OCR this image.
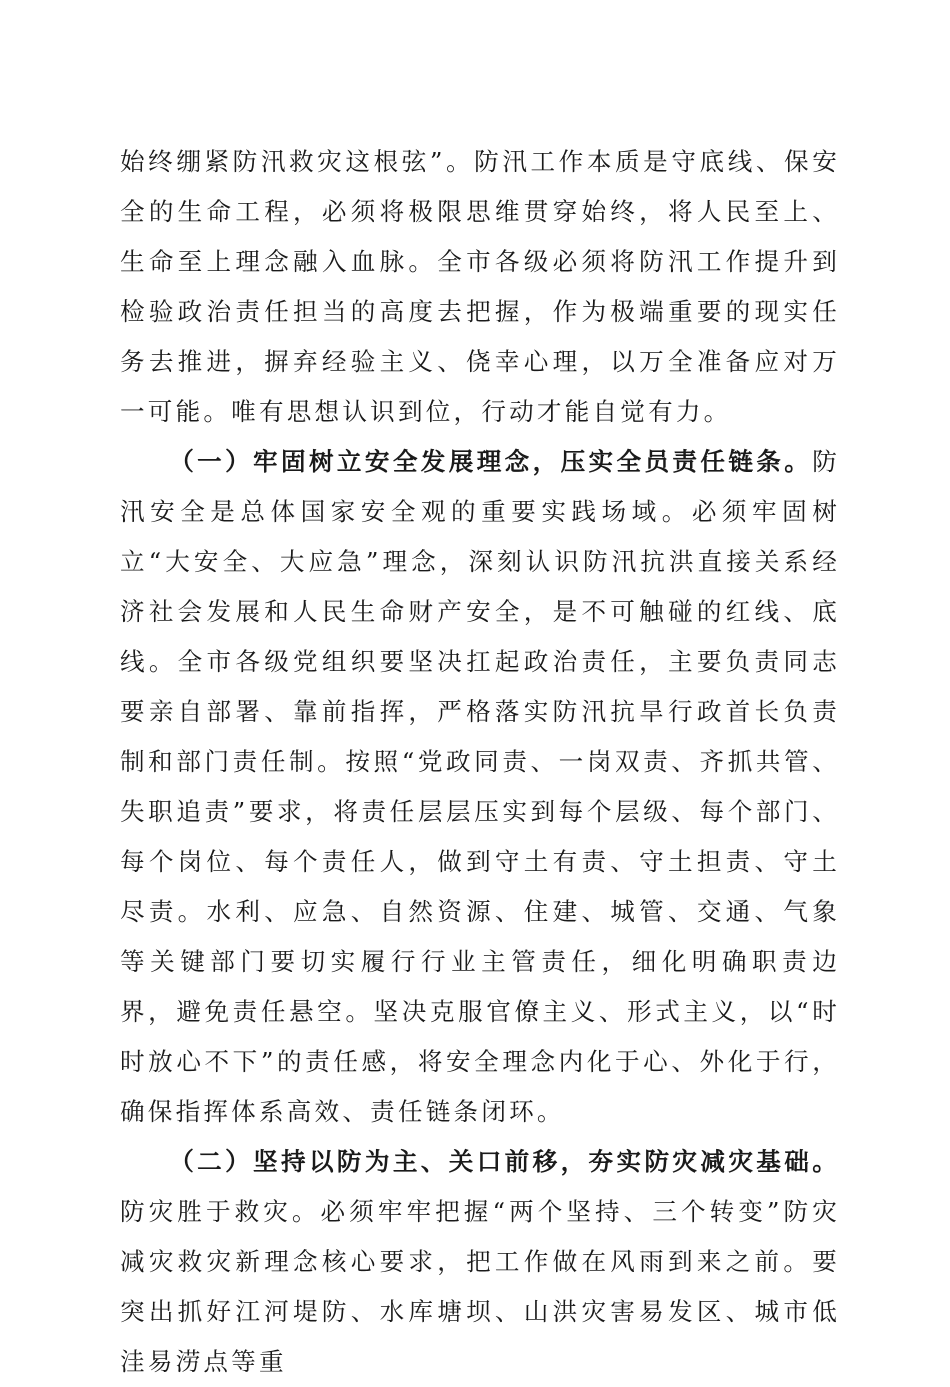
始终绷紧防汛救灾这根弦”。防汛工作本质是守底线、保安全的生命工程，必须将极限思维贯穿始终，将人民至上、生命至上理念融入血脉。全市各级必须将防汛工作提升到检验政治责任担当的高度去把握，作为极端重要的现实任务去推进，摒弃经验主义、侥幸心理，以万全准备应对万一可能。唯有思想认识到位，行动才能自觉有力。

（一）牢固树立安全发展理念，压实全员责任链条。防汛安全是总体国家安全观的重要实践场域。必须牢固树立“大安全、大应急”理念，深刻认识防汛抗洪直接关系经济社会发展和人民生命财产安全，是不可触碰的红线、底线。全市各级党组织要坚决扛起政治责任，主要负责同志要亲自部署、靠前指挥，严格落实防汛抗旱行政首长负责制和部门责任制。按照“党政同责、一岗双责、齐抓共管、失职追责”要求，将责任层层压实到每个层级、每个部门、每个岗位、每个责任人，做到守土有责、守土担责、守土尽责。水利、应急、自然资源、住建、城管、交通、气象等关键部门要切实履行行业主管责任，细化明确职责边界，避免责任悬空。坚决克服官僚主义、形式主义，以“时时放心不下”的责任感，将安全理念内化于心、外化于行，确保指挥体系高效、责任链条闭环。

（二）坚持以防为主、关口前移，夯实防灾减灾基础。防灾胜于救灾。必须牢牢把握“两个坚持、三个转变”防灾减灾救灾新理念核心要求，把工作做在风雨到来之前。要突出抓好江河堤防、水库塘坝、山洪灾害易发区、城市低洼易涝点等重
